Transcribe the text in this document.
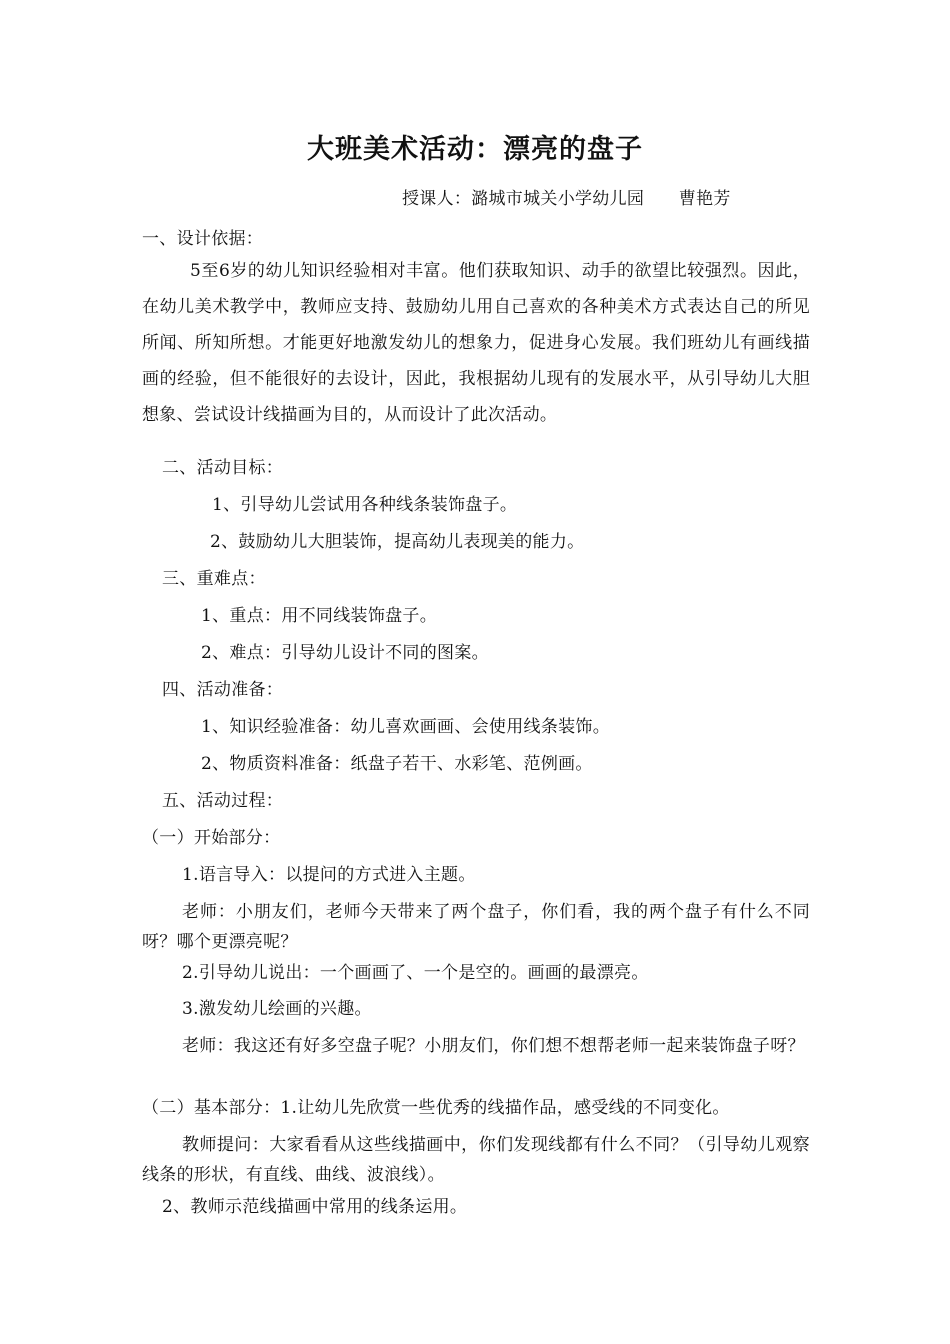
大班美术活动：漂亮的盘子
授课人：潞城市城关小学幼儿园　　曹艳芳
一、设计依据：

5至6岁的幼儿知识经验相对丰富。他们获取知识、动手的欲望比较强烈。因此，在幼儿美术教学中，教师应支持、鼓励幼儿用自己喜欢的各种美术方式表达自己的所见所闻、所知所想。才能更好地激发幼儿的想象力，促进身心发展。我们班幼儿有画线描画的经验，但不能很好的去设计，因此，我根据幼儿现有的发展水平，从引导幼儿大胆想象、尝试设计线描画为目的，从而设计了此次活动。

二、活动目标：
1、引导幼儿尝试用各种线条装饰盘子。
2、鼓励幼儿大胆装饰，提高幼儿表现美的能力。
三、重难点：
1、重点：用不同线装饰盘子。
2、难点：引导幼儿设计不同的图案。
四、活动准备：
1、知识经验准备：幼儿喜欢画画、会使用线条装饰。
2、物质资料准备：纸盘子若干、水彩笔、范例画。
五、活动过程：
（一）开始部分：
1.语言导入：以提问的方式进入主题。

老师：小朋友们，老师今天带来了两个盘子，你们看，我的两个盘子有什么不同呀？哪个更漂亮呢？

2.引导幼儿说出：一个画画了、一个是空的。画画的最漂亮。
3.激发幼儿绘画的兴趣。

老师：我这还有好多空盘子呢？小朋友们，你们想不想帮老师一起来装饰盘子呀？

（二）基本部分：1.让幼儿先欣赏一些优秀的线描作品，感受线的不同变化。

教师提问：大家看看从这些线描画中，你们发现线都有什么不同？（引导幼儿观察线条的形状，有直线、曲线、波浪线）。

2、教师示范线描画中常用的线条运用。
